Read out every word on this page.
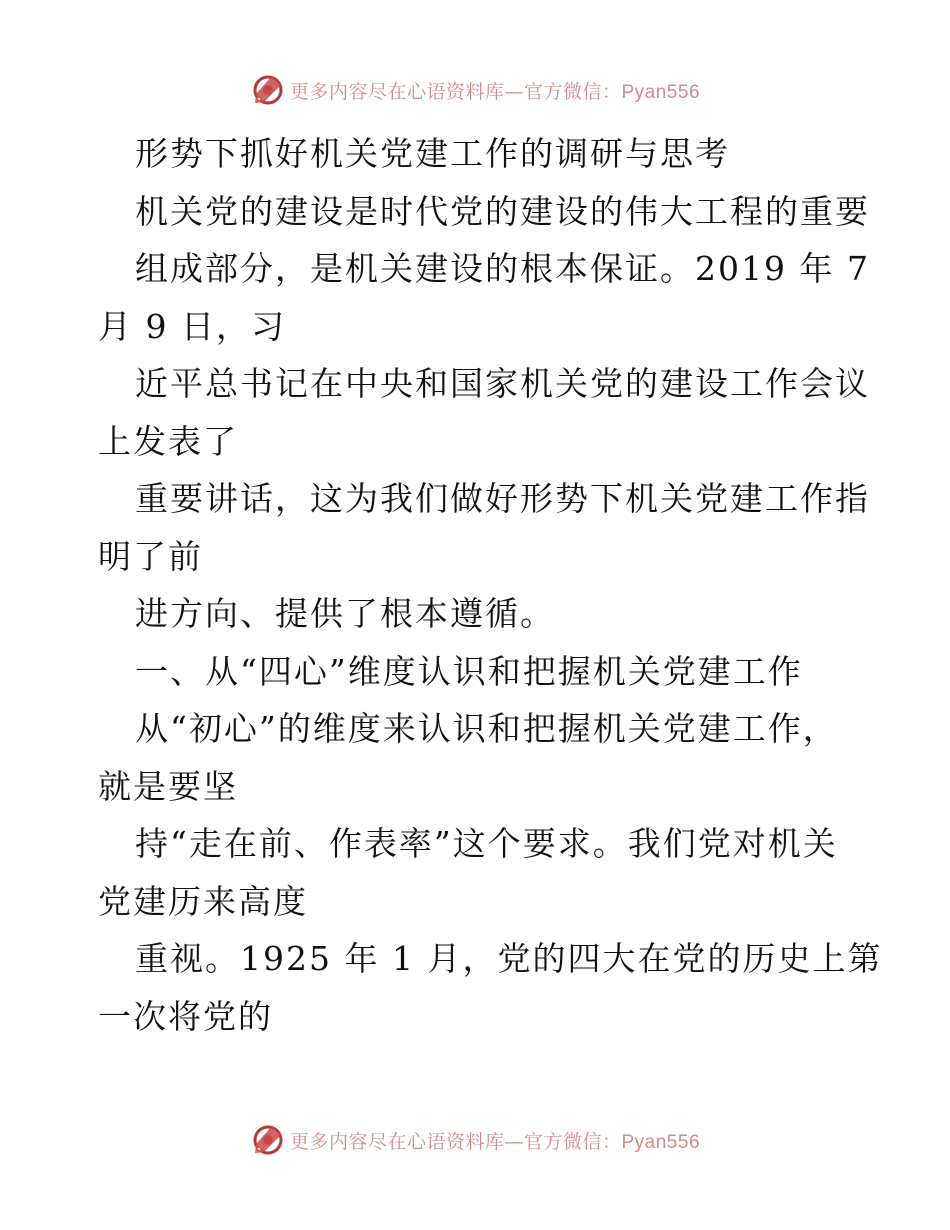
更多内容尽在心语资料库—官方微信：Pyan556
形势下抓好机关党建工作的调研与思考
机关党的建设是时代党的建设的伟大工程的重要
组成部分，是机关建设的根本保证。2019 年 7
月 9 日，习
近平总书记在中央和国家机关党的建设工作会议
上发表了
重要讲话，这为我们做好形势下机关党建工作指
明了前
进方向、提供了根本遵循。
一、从“四心”维度认识和把握机关党建工作
从“初心”的维度来认识和把握机关党建工作，
就是要坚
持“走在前、作表率”这个要求。我们党对机关
党建历来高度
重视。1925 年 1 月，党的四大在党的历史上第
一次将党的
更多内容尽在心语资料库—官方微信：Pyan556
